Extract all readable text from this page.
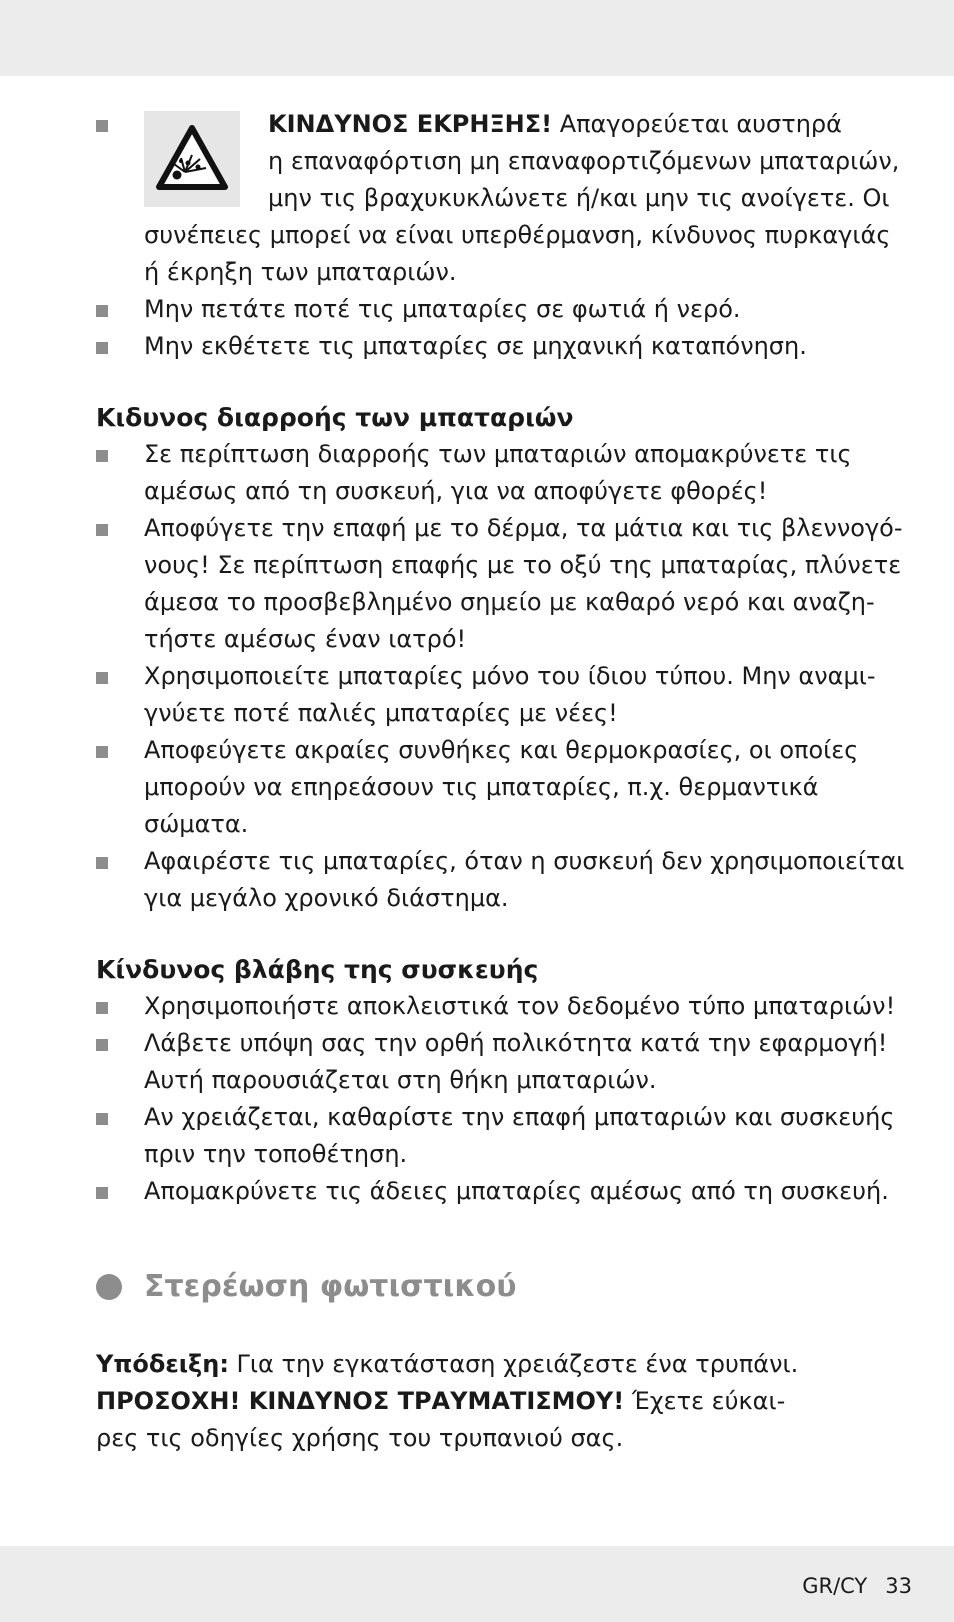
ΚΙΝΔΥΝΟΣ ΕΚΡΗΞΗΣ! Απαγορεύεται αυστηρά
η επαναφόρτιση μη επαναφορτιζόμενων μπαταριών,
μην τις βραχυκυκλώνετε ή/και μην τις ανοίγετε. Οι
συνέπειες μπορεί να είναι υπερθέρμανση, κίνδυνος πυρκαγιάς
ή έκρηξη των μπαταριών.
Μην πετάτε ποτέ τις μπαταρίες σε φωτιά ή νερό.
Μην εκθέτετε τις μπαταρίες σε μηχανική καταπόνηση.
Κιδυνος διαρροής των μπαταριών
Σε περίπτωση διαρροής των μπαταριών απομακρύνετε τις
αμέσως από τη συσκευή, για να αποφύγετε φθορές!
Αποφύγετε την επαφή με το δέρμα, τα μάτια και τις βλεννογό-
νους! Σε περίπτωση επαφής με το οξύ της μπαταρίας, πλύνετε
άμεσα το προσβεβλημένο σημείο με καθαρό νερό και αναζη-
τήστε αμέσως έναν ιατρό!
Χρησιμοποιείτε μπαταρίες μόνο του ίδιου τύπου. Μην αναμι-
γνύετε ποτέ παλιές μπαταρίες με νέες!
Αποφεύγετε ακραίες συνθήκες και θερμοκρασίες, οι οποίες
μπορούν να επηρεάσουν τις μπαταρίες, π.χ. θερμαντικά
σώματα.
Αφαιρέστε τις μπαταρίες, όταν η συσκευή δεν χρησιμοποιείται
για μεγάλο χρονικό διάστημα.
Κίνδυνος βλάβης της συσκευής
Χρησιμοποιήστε αποκλειστικά τον δεδομένο τύπο μπαταριών!
Λάβετε υπόψη σας την ορθή πολικότητα κατά την εφαρμογή!
Αυτή παρουσιάζεται στη θήκη μπαταριών.
Αν χρειάζεται, καθαρίστε την επαφή μπαταριών και συσκευής
πριν την τοποθέτηση.
Απομακρύνετε τις άδειες μπαταρίες αμέσως από τη συσκευή.
Στερέωση φωτιστικού
Υπόδειξη: Για την εγκατάσταση χρειάζεστε ένα τρυπάνι.
ΠΡΟΣΟΧΗ! ΚΙΝΔΥΝΟΣ ΤΡΑΥΜΑΤΙΣΜΟΥ! Έχετε εύκαι-
ρες τις οδηγίες χρήσης του τρυπανιού σας.
GR/CY 33
